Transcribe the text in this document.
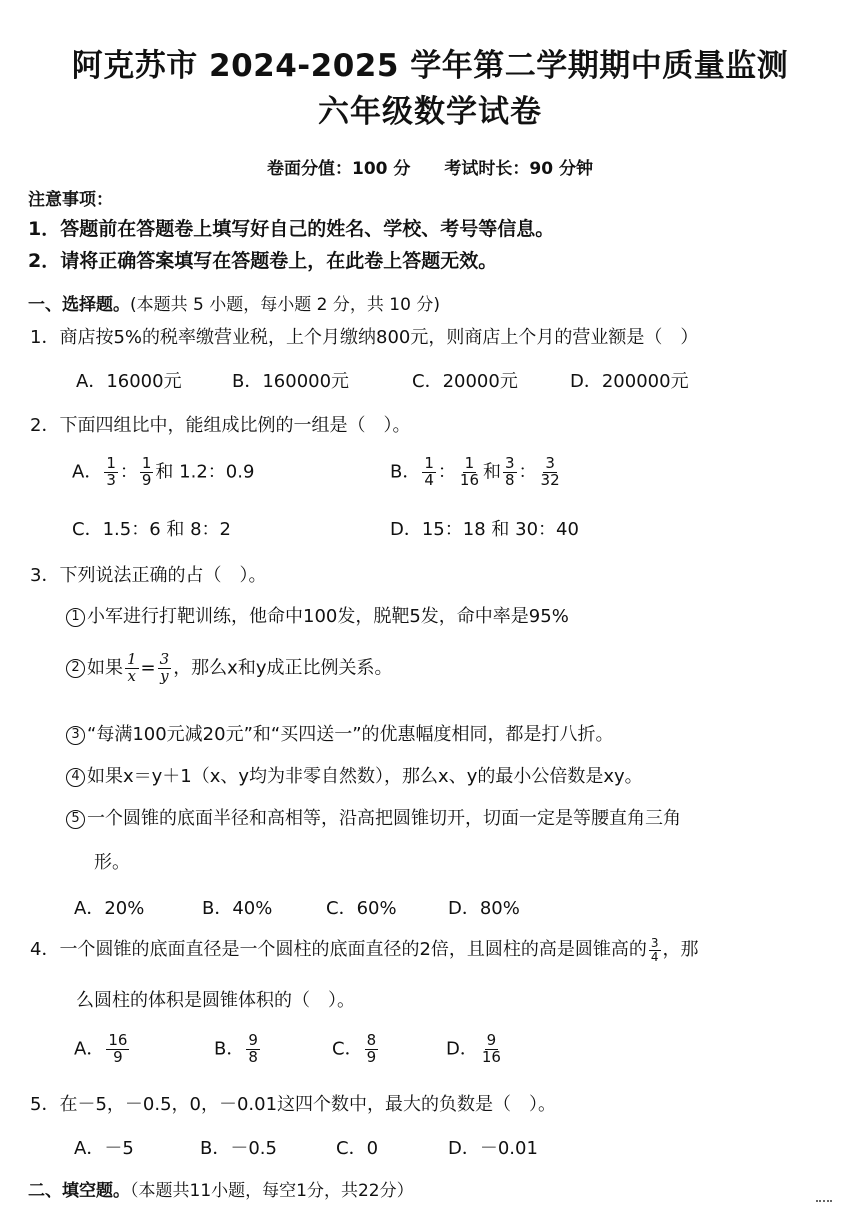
阿克苏市 2024-2025 学年第二学期期中质量监测
六年级数学试卷
卷面分值：100 分 考试时长：90 分钟
注意事项：
1．答题前在答题卷上填写好自己的姓名、学校、考号等信息。
2．请将正确答案填写在答题卷上，在此卷上答题无效。
一、选择题。(本题共 5 小题，每小题 2 分，共 10 分)
1．商店按5%的税率缴营业税，上个月缴纳800元，则商店上个月的营业额是（　）
A．16000元	B．160000元	C．20000元	D．200000元
2．下面四组比中，能组成比例的一组是（　）。
A． $\frac{1}{3}$ ： $\frac{1}{9}$ 和 1.2：0.9	B． $\frac{1}{4}$ ： $\frac{1}{16}$ 和 $\frac{3}{8}$ ： $\frac{3}{32}$
C．1.5：6 和 8：2	D．15：18 和 30：40
3．下列说法正确的占（　）。
1 小军进行打靶训练，他命中100发，脱靶5发，命中率是95%
2 如果 $\frac{1}{x} = \frac{3}{y}$ ，那么x和y成正比例关系。
3 “每满100元减20元”和“买四送一”的优惠幅度相同，都是打八折。
4 如果x＝y＋1（x、y均为非零自然数），那么x、y的最小公倍数是xy。
5 一个圆锥的底面半径和高相等，沿高把圆锥切开，切面一定是等腰直角三角
形。
A．20%	B．40%	C．60%	D．80%
4．一个圆锥的底面直径是一个圆柱的底面直径的2倍，且圆柱的高是圆锥高的 $\frac{3}{4}$ ，那
么圆柱的体积是圆锥体积的（　）。
A． $\frac{16}{9}$	B． $\frac{9}{8}$	C． $\frac{8}{9}$	D． $\frac{9}{16}$
5．在－5，－0.5，0，－0.01这四个数中，最大的负数是（　）。
A．－5	B．－0.5	C．0	D．－0.01
二、填空题。（本题共11小题，每空1分，共22分）
